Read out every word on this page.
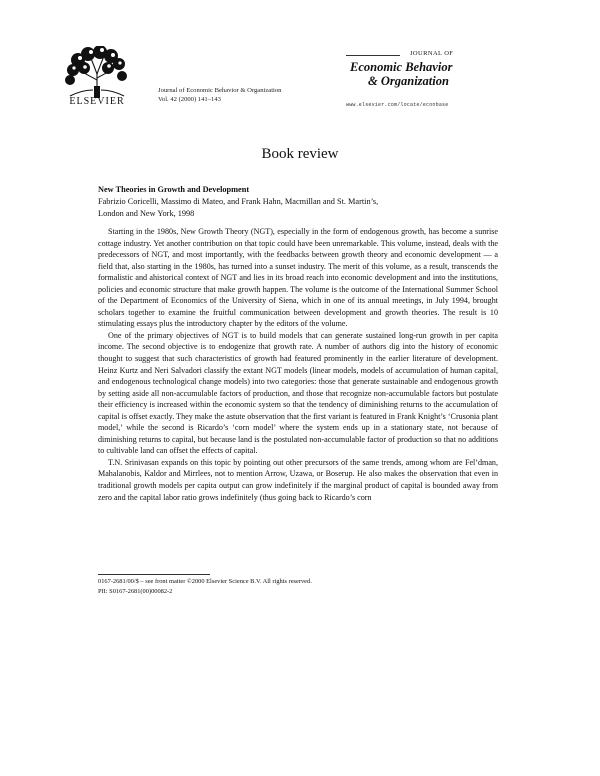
ELSEVIER
Journal of Economic Behavior & Organization
Vol. 42 (2000) 141–143
JOURNAL OF
Economic Behavior
& Organization
www.elsevier.com/locate/econbase
Book review
New Theories in Growth and Development
Fabrizio Coricelli, Massimo di Mateo, and Frank Hahn, Macmillan and St. Martin’s,
London and New York, 1998

Starting in the 1980s, New Growth Theory (NGT), especially in the form of endogenous growth, has become a sunrise cottage industry. Yet another contribution on that topic could have been unremarkable. This volume, instead, deals with the predecessors of NGT, and most importantly, with the feedbacks between growth theory and economic development — a field that, also starting in the 1980s, has turned into a sunset industry. The merit of this volume, as a result, transcends the formalistic and ahistorical context of NGT and lies in its broad reach into economic development and into the institutions, policies and economic structure that make growth happen. The volume is the outcome of the International Summer School of the Department of Economics of the University of Siena, which in one of its annual meetings, in July 1994, brought scholars together to examine the fruitful communication between development and growth theories. The result is 10 stimulating essays plus the introductory chapter by the editors of the volume.

One of the primary objectives of NGT is to build models that can generate sustained long-run growth in per capita income. The second objective is to endogenize that growth rate. A number of authors dig into the history of economic thought to suggest that such characteristics of growth had featured prominently in the earlier literature of development. Heinz Kurtz and Neri Salvadori classify the extant NGT models (linear models, models of accumulation of human capital, and endogenous technological change models) into two categories: those that generate sustainable and endogenous growth by setting aside all non-accumulable factors of production, and those that recognize non-accumulable factors but postulate their efficiency is increased within the economic system so that the tendency of diminishing returns to the accumulation of capital is offset exactly. They make the astute observation that the first variant is featured in Frank Knight’s ‘Crusonia plant model,’ while the second is Ricardo’s ‘corn model’ where the system ends up in a stationary state, not because of diminishing returns to capital, but because land is the postulated non-accumulable factor of production so that no additions to cultivable land can offset the effects of capital.

T.N. Srinivasan expands on this topic by pointing out other precursors of the same trends, among whom are Fel’dman, Mahalanobis, Kaldor and Mirrlees, not to mention Arrow, Uzawa, or Boserup. He also makes the observation that even in traditional growth models per capita output can grow indefinitely if the marginal product of capital is bounded away from zero and the capital labor ratio grows indefinitely (thus going back to Ricardo’s corn

0167-2681/00/$ – see front matter ©2000 Elsevier Science B.V. All rights reserved.
PII: S0167-2681(00)00082-2
